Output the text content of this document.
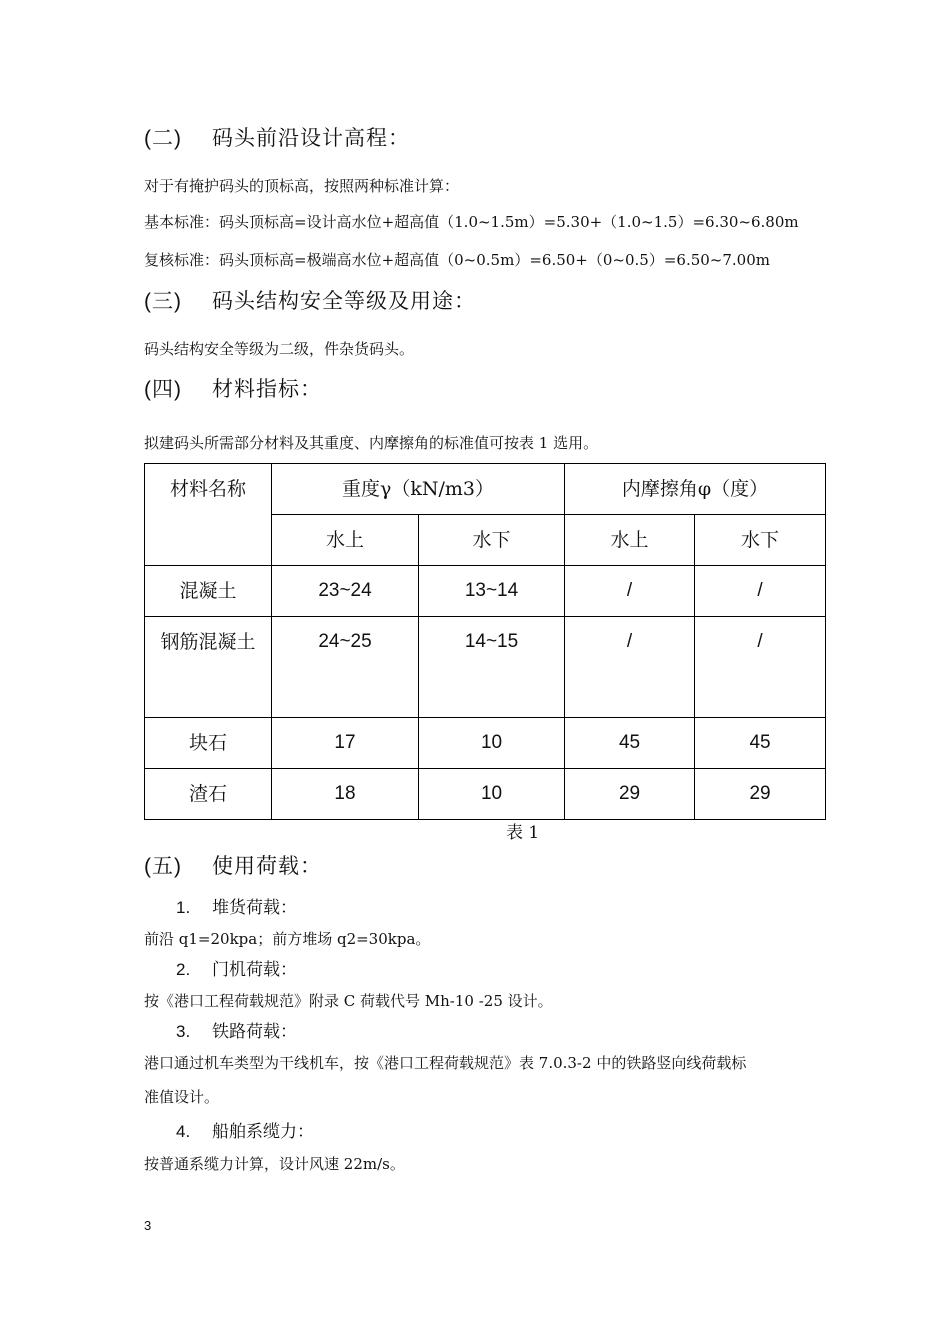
(二) 码头前沿设计高程：
对于有掩护码头的顶标高，按照两种标准计算：
基本标准：码头顶标高=设计高水位+超高值（1.0~1.5m）=5.30+（1.0~1.5）=6.30~6.80m
复核标准：码头顶标高=极端高水位+超高值（0~0.5m）=6.50+（0~0.5）=6.50~7.00m
(三) 码头结构安全等级及用途：
码头结构安全等级为二级，件杂货码头。
(四) 材料指标：
拟建码头所需部分材料及其重度、内摩擦角的标准值可按表 1 选用。
材料名称	重度γ（kN/m3）		内摩擦角φ（度）	

	水上	水下	水上	水下

混凝土	23~24	13~14	/	/

钢筋混凝土	24~25	14~15	/	/

块石	17	10	45	45

渣石	18	10	29	29
表 1
(五) 使用荷载：
1. 堆货荷载：
前沿 q1=20kpa；前方堆场 q2=30kpa。
2. 门机荷载：
按《港口工程荷载规范》附录 C 荷载代号 Mh-10 -25 设计。
3. 铁路荷载：
港口通过机车类型为干线机车，按《港口工程荷载规范》表 7.0.3-2 中的铁路竖向线荷载标
准值设计。
4. 船舶系缆力：
按普通系缆力计算，设计风速 22m/s。
3
